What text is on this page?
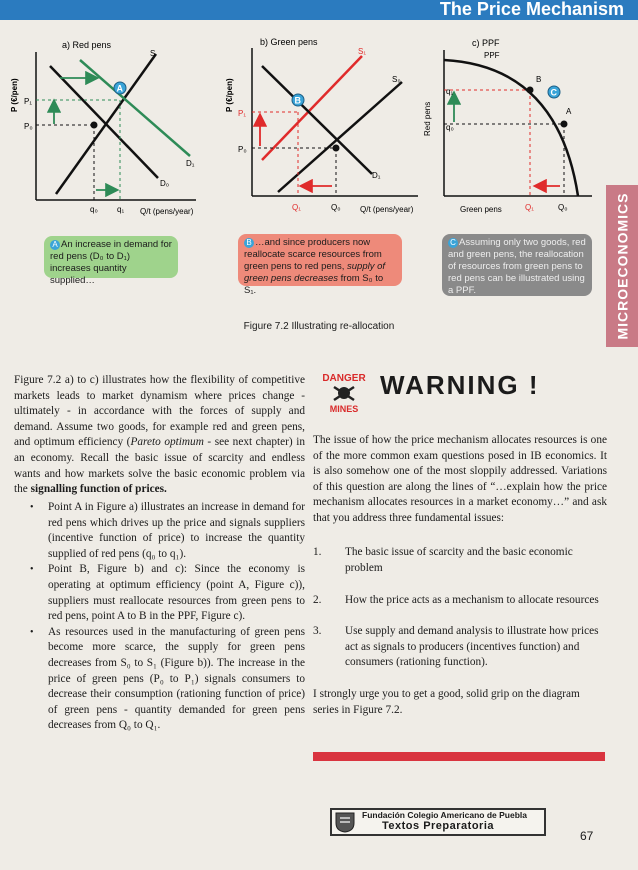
The Price Mechanism
MICROECONOMICS
a) Red pens
P (€/pen)	A
P₁
P₀
S
D₁
D₀
q₀ q₁ Q/t (pens/year)
b) Green pens
P (€/pen)	B
P₁
P₀
S₁
S₀
D₁
Q₁	Q₀ Q/t (pens/year)
c) PPF
PPF
Red pens
C
A
B
q₁
q₀
Green pens	Q₁	Q₀
A An increase in demand for red pens (D₀ to D₁) increases quantity supplied…
B …and since producers now reallocate scarce resources from green pens to red pens, supply of green pens decreases from S₀ to S₁.
C Assuming only two goods, red and green pens, the reallocation of resources from green pens to red pens can be illustrated using a PPF.
Figure 7.2 Illustrating re-allocation
Figure 7.2 a) to c) illustrates how the flexibility of competitive markets leads to market dynamism where prices change - ultimately - in accordance with the forces of supply and demand. Assume two goods, for example red and green pens, and optimum efficiency (Pareto optimum - see next chapter) in an economy. Recall the basic issue of scarcity and endless wants and how markets solve the basic economic problem via the signalling function of prices.
• Point A in Figure a) illustrates an increase in demand for red pens which drives up the price and signals suppliers (incentive function of price) to increase the quantity supplied of red pens (q₀ to q₁).
• Point B, Figure b) and c): Since the economy is operating at optimum efficiency (point A, Figure c)), suppliers must reallocate resources from green pens to red pens, point A to B in the PPF, Figure c).
• As resources used in the manufacturing of green pens become more scarce, the supply for green pens decreases from S₀ to S₁ (Figure b)). The increase in the price of green pens (P₀ to P₁) signals consumers to decrease their consumption (rationing function of price) of green pens - quantity demanded for green pens decreases from Q₀ to Q₁.
DANGER
MINES
WARNING !
The issue of how the price mechanism allocates resources is one of the more common exam questions posed in IB economics. It is also somehow one of the most sloppily addressed. Variations of this question are along the lines of “…explain how the price mechanism allocates resources in a market economy…” and ask that you address three fundamental issues:
1. The basic issue of scarcity and the basic economic problem
2. How the price acts as a mechanism to allocate resources
3. Use supply and demand analysis to illustrate how prices act as signals to producers (incentives function) and consumers (rationing function).
I strongly urge you to get a good, solid grip on the diagram series in Figure 7.2.
Fundación Colegio Americano de Puebla
Textos Preparatoria
67
